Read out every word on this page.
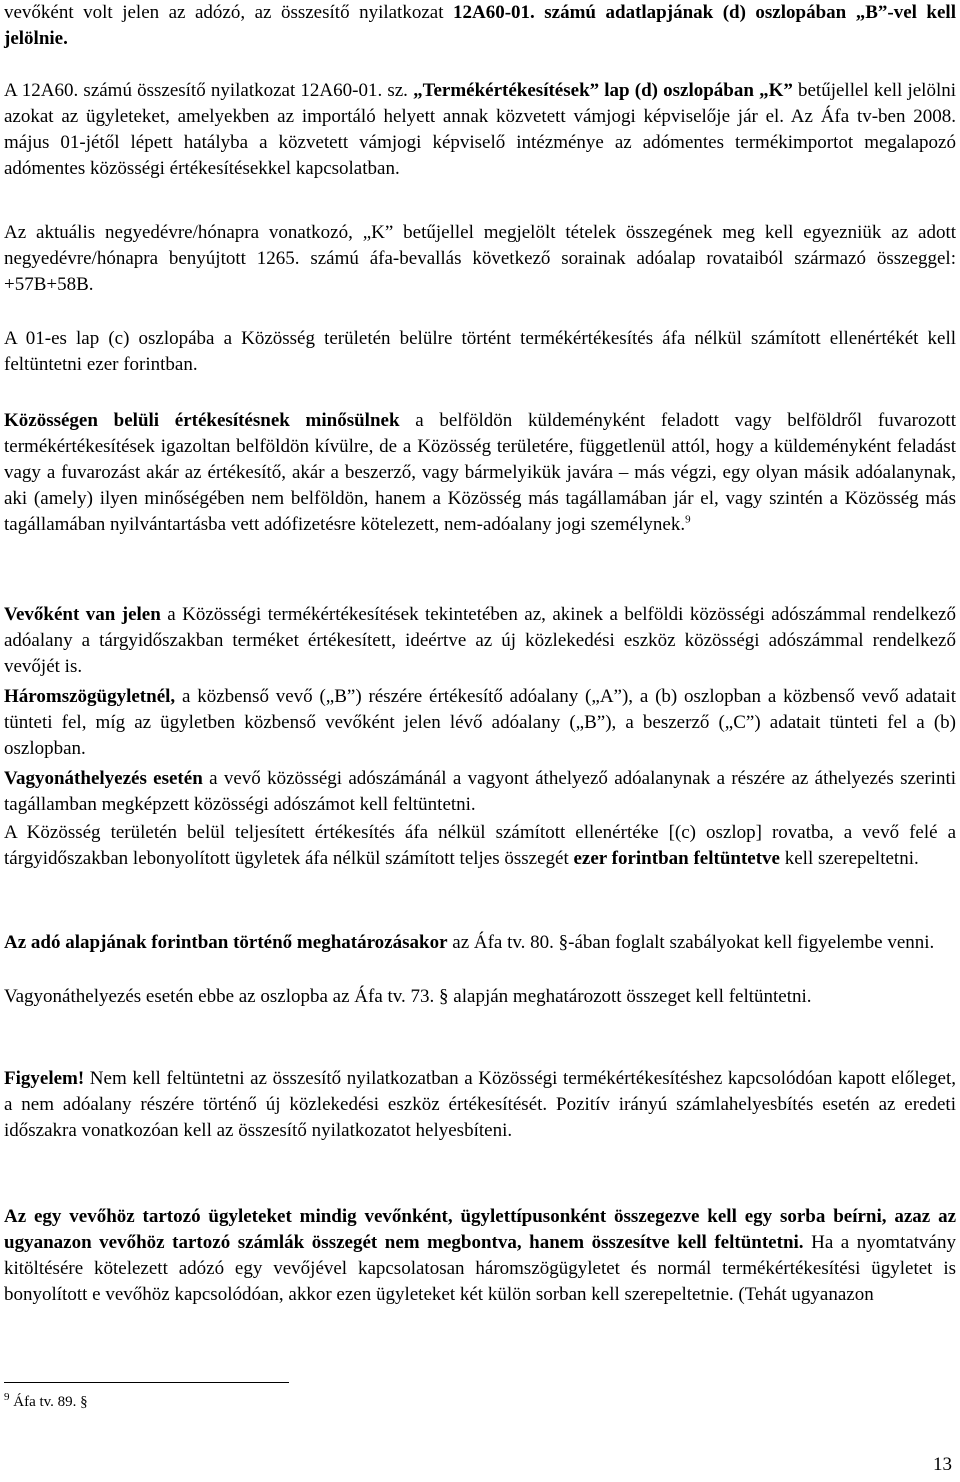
vevőként volt jelen az adózó, az összesítő nyilatkozat 12A60-01. számú adatlapjának (d) oszlopában „B”-vel kell jelölnie.

A 12A60. számú összesítő nyilatkozat 12A60-01. sz. „Termékértékesítések” lap (d) oszlopában „K” betűjellel kell jelölni azokat az ügyleteket, amelyekben az importáló helyett annak közvetett vámjogi képviselője jár el. Az Áfa tv-ben 2008. május 01-jétől lépett hatályba a közvetett vámjogi képviselő intézménye az adómentes termékimportot megalapozó adómentes közösségi értékesítésekkel kapcsolatban.

Az aktuális negyedévre/hónapra vonatkozó, „K” betűjellel megjelölt tételek összegének meg kell egyezniük az adott negyedévre/hónapra benyújtott 1265. számú áfa-bevallás következő sorainak adóalap rovataiból származó összeggel: +57B+58B.

A 01-es lap (c) oszlopába a Közösség területén belülre történt termékértékesítés áfa nélkül számított ellenértékét kell feltüntetni ezer forintban.

Közösségen belüli értékesítésnek minősülnek a belföldön küldeményként feladott vagy belföldről fuvarozott termékértékesítések igazoltan belföldön kívülre, de a Közösség területére, függetlenül attól, hogy a küldeményként feladást vagy a fuvarozást akár az értékesítő, akár a beszerző, vagy bármelyikük javára – más végzi, egy olyan másik adóalanynak, aki (amely) ilyen minőségében nem belföldön, hanem a Közösség más tagállamában jár el, vagy szintén a Közösség más tagállamában nyilvántartásba vett adófizetésre kötelezett, nem-adóalany jogi személynek.$^9$

Vevőként van jelen a Közösségi termékértékesítések tekintetében az, akinek a belföldi közösségi adószámmal rendelkező adóalany a tárgyidőszakban terméket értékesített, ideértve az új közlekedési eszköz közösségi adószámmal rendelkező vevőjét is.

Háromszögügyletnél, a közbenső vevő („B”) részére értékesítő adóalany („A”), a (b) oszlopban a közbenső vevő adatait tünteti fel, míg az ügyletben közbenső vevőként jelen lévő adóalany („B”), a beszerző („C”) adatait tünteti fel a (b) oszlopban.

Vagyonáthelyezés esetén a vevő közösségi adószámánál a vagyont áthelyező adóalanynak a részére az áthelyezés szerinti tagállamban megképzett közösségi adószámot kell feltüntetni.

A Közösség területén belül teljesített értékesítés áfa nélkül számított ellenértéke [(c) oszlop] rovatba, a vevő felé a tárgyidőszakban lebonyolított ügyletek áfa nélkül számított teljes összegét ezer forintban feltüntetve kell szerepeltetni.

Az adó alapjának forintban történő meghatározásakor az Áfa tv. 80. §-ában foglalt szabályokat kell figyelembe venni.

Vagyonáthelyezés esetén ebbe az oszlopba az Áfa tv. 73. § alapján meghatározott összeget kell feltüntetni.

Figyelem! Nem kell feltüntetni az összesítő nyilatkozatban a Közösségi termékértékesítéshez kapcsolódóan kapott előleget, a nem adóalany részére történő új közlekedési eszköz értékesítését. Pozitív irányú számlahelyesbítés esetén az eredeti időszakra vonatkozóan kell az összesítő nyilatkozatot helyesbíteni.

Az egy vevőhöz tartozó ügyleteket mindig vevőnként, ügylettípusonként összegezve kell egy sorba beírni, azaz az ugyanazon vevőhöz tartozó számlák összegét nem megbontva, hanem összesítve kell feltüntetni. Ha a nyomtatvány kitöltésére kötelezett adózó egy vevőjével kapcsolatosan háromszögügyletet és normál termékértékesítési ügyletet is bonyolított e vevőhöz kapcsolódóan, akkor ezen ügyleteket két külön sorban kell szerepeltetnie. (Tehát ugyanazon

$^9$ Áfa tv. 89. §
13
